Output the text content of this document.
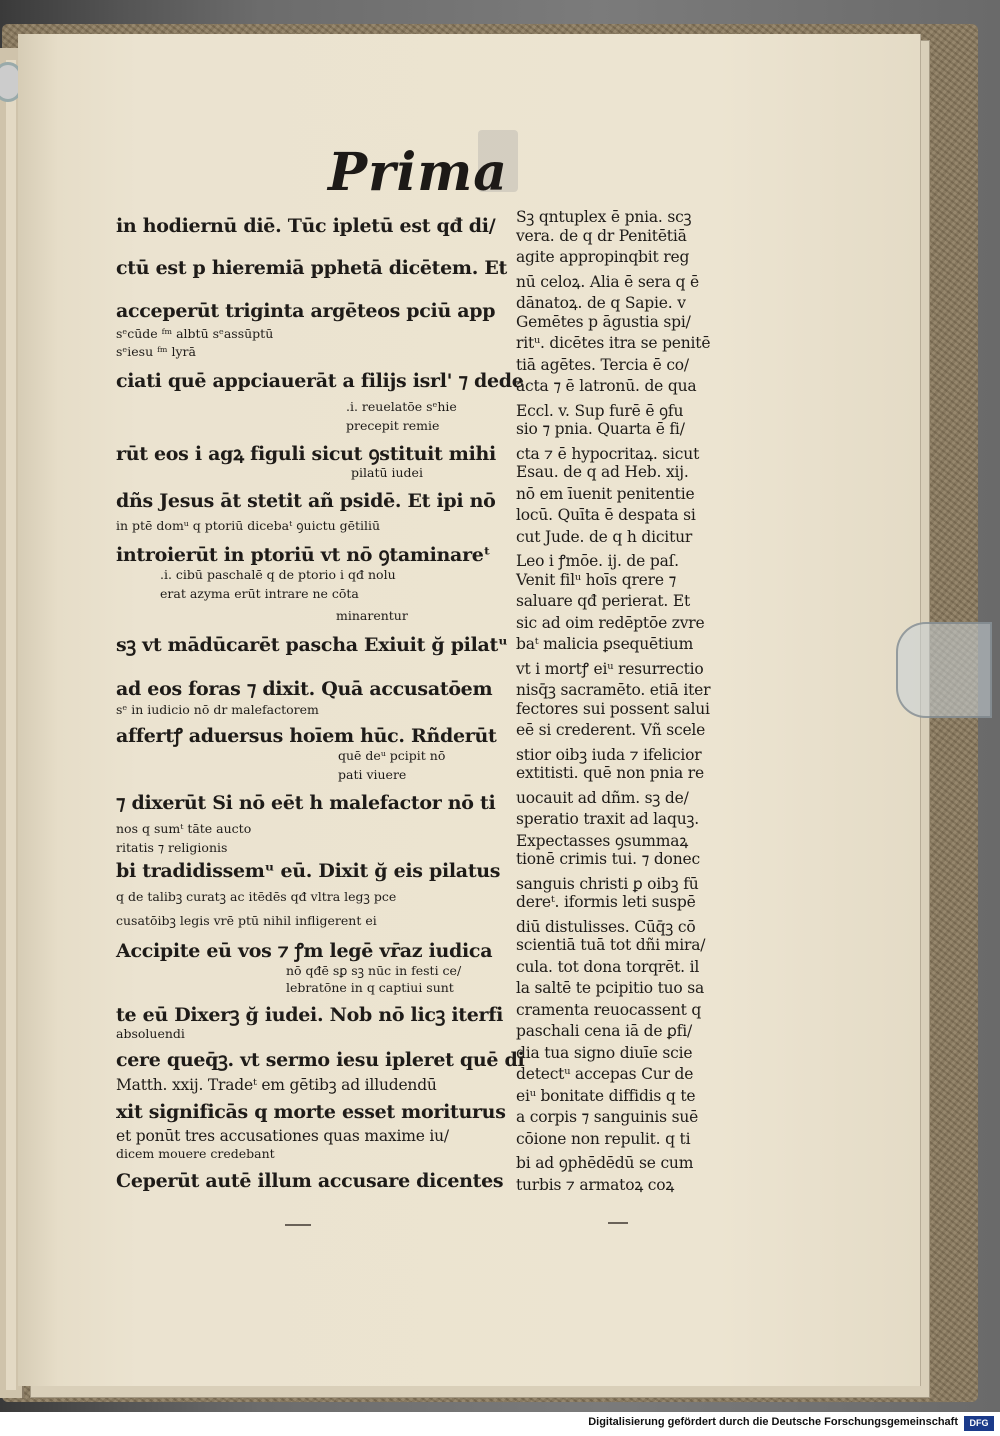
Prima
in hodiernū diē. Tūc ipletū est qđ di/
ctū est p hieremiā pphetā dicētem. Et
acceperūt triginta argēteos pciū app
sᵉcūde ᶠᵐ albtū sᵉassūptū
sᵉiesu ᶠᵐ lyrā
ciati quē appciauerāt a filijs isrl' ⁊ dede
.i. reuelatōe sᵉhie
precepit remie
rūt eos i agꝝ figuli sicut ꝯstituit mihi
pilatū iudei
dñs Jesus āt stetit añ psidē. Et ipi nō
in ptē domᵘ q ptoriū dicebaᵗ ꝯuictu gētiliū
introierūt in ptoriū vt nō ꝯtaminareᵗ
.i. cibū paschalē q de ptorio i qđ nolu
erat azyma erūt intrare ne cōta
minarentur
sꝫ vt mādūcarēt pascha Exiuit ğ pilatᵘ
ad eos foras ⁊ dixit. Quā accusatōem
sᵉ in iudicio nō dr malefactorem
affertꝭ aduersus hoīem hūc. Rñderūt
quē deᵘ pcipit nō
pati viuere
⁊ dixerūt Si nō eēt h malefactor nō ti
nos q sumᵗ tāte aucto
ritatis ⁊ religionis
bi tradidissemᵘ eū. Dixit ğ eis pilatus
q de talibꝫ curatꝫ ac itēdēs qđ vltra legꝫ pce
cusatōibꝫ legis vrē ptū nihil infligerent ei
Accipite eū vos ⁊ ꝭm legē vr̄az iudica
nō qđē sꝑ sꝫ nūc in festi ce/
lebratōne in q captiui sunt
te eū Dixerꝫ ğ iudei. Nob nō licꝫ iterfi
absoluendi
cere queq̄ꝫ. vt sermo iesu ipleret quē di
Matth. xxij. Tradeᵗ em gētibꝫ ad illudendū
xit significās q morte esset moriturus
et ponūt tres accusationes quas maxime iu/
dicem mouere credebant
Ceperūt autē illum accusare dicentes
Sꝫ qntuplex ē pnia. scꝫ
vera. de q dr Penitētiā
agite appropinqbit reg
nū celoꝝ. Alia ē sera q ē
dānatoꝝ. de q Sapie. v
Gemētes p āgustia spi/
ritᵘ. dicētes itra se penitē
tiā agētes. Tercia ē co/
acta ⁊ ē latronū. de qua
Eccl. v. Sup furē ē ꝯfu
sio ⁊ pnia. Quarta ē fi/
cta ⁊ ē hypocritaꝝ. sicut
Esau. de q ad Heb. xij.
nō em īuenit penitentie
locū. Quīta ē despata si
cut Jude. de q h dicitur
Leo i ꝭmōe. ij. de paſ.
Venit filᵘ hoīs qrere ⁊
saluare qđ perierat. Et
sic ad oim redēptōe zvre
baᵗ malicia ꝑsequētium
vt i mortꝭ eiᵘ resurrectio
nisq̄ꝫ sacramēto. etiā iter
fectores sui possent salui
eē si crederent. Vñ scele
stior oibꝫ iuda ⁊ ifelicior
extitisti. quē non pnia re
uocauit ad dñm. sꝫ de/
speratio traxit ad laquꝫ.
Expectasses ꝯsummaꝝ
tionē crimis tui. ⁊ donec
sanguis christi ꝑ oibꝫ fū
dereᵗ. iformis leti suspē
diū distulisses. Cūq̄ꝫ cō
scientiā tuā tot dñi mira/
cula. tot dona torqrēt. il
la saltē te pcipitio tuo sa
cramenta reuocassent q
paschali cena iā de ꝑfi/
dia tua signo diuīe scie
detectᵘ accepas Cur de
eiᵘ bonitate diffidis q te
a corpis ⁊ sanguinis suē
cōione non repulit. q ti
bi ad ꝯphēdēdū se cum
turbis ⁊ armatoꝝ coꝝ
Digitalisierung gefördert durch die Deutsche Forschungsgemeinschaft	DFG
